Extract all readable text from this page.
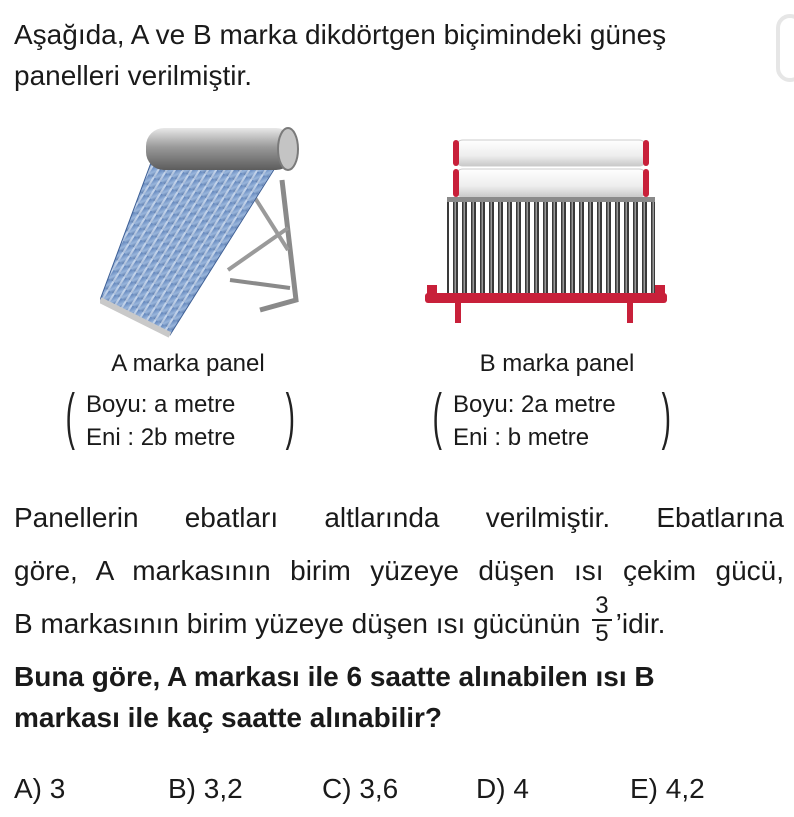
Aşağıda, A ve B marka dikdörtgen biçimindeki güneş
panelleri verilmiştir.
A marka panel
( Boyu: a metre
Eni : 2b metre )
B marka panel
( Boyu: 2a metre
Eni : b metre	)
Panellerin ebatları altlarında verilmiştir. Ebatlarına
göre, A markasının birim yüzeye düşen ısı çekim gücü,
B markasının birim yüzeye düşen ısı gücünün $\frac{3}{5}$ ’idir.
Buna göre, A markası ile 6 saatte alınabilen ısı B
markası ile kaç saatte alınabilir?
A) 3	B) 3,2	C) 3,6	D) 4	E) 4,2
